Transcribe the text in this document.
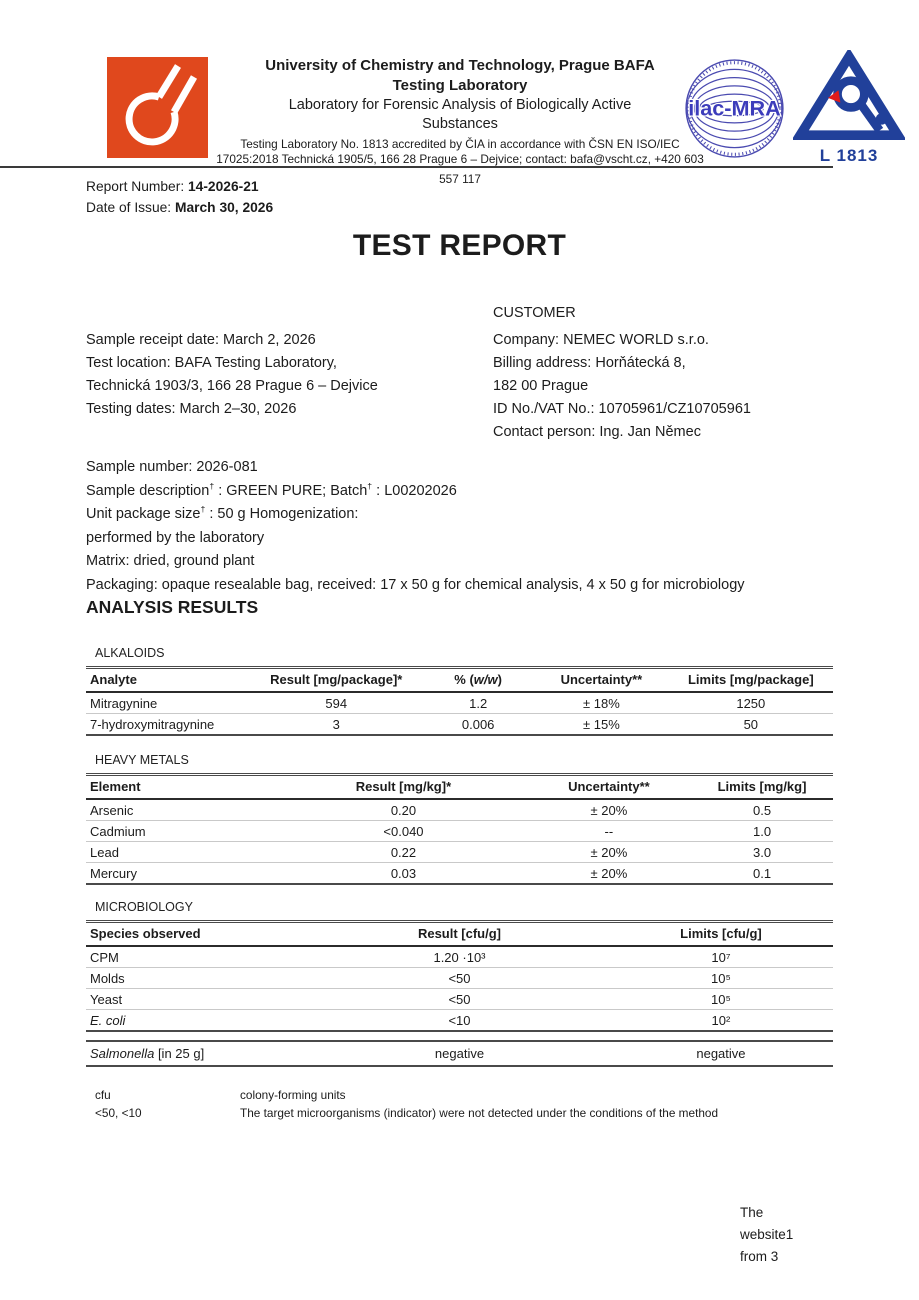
University of Chemistry and Technology, Prague BAFA
Testing Laboratory
Laboratory for Forensic Analysis of Biologically Active
Substances
Testing Laboratory No. 1813 accredited by ČIA in accordance with ČSN EN ISO/IEC
17025:2018 Technická 1905/5, 166 28 Prague 6 – Dejvice; contact: bafa@vscht.cz, +420 603
557 117
ilac-MRA
L 1813
Report Number: 14-2026-21
Date of Issue: March 30, 2026
TEST REPORT
CUSTOMER
Sample receipt date: March 2, 2026
Test location: BAFA Testing Laboratory,
Technická 1903/3, 166 28 Prague 6 – Dejvice
Testing dates: March 2–30, 2026
Company: NEMEC WORLD s.r.o.
Billing address: Horňátecká 8,
182 00 Prague
ID No./VAT No.: 10705961/CZ10705961
Contact person: Ing. Jan Němec
Sample number: 2026-081
Sample description† : GREEN PURE; Batch† : L00202026
Unit package size† : 50 g Homogenization:
performed by the laboratory
Matrix: dried, ground plant
Packaging: opaque resealable bag, received: 17 x 50 g for chemical analysis, 4 x 50 g for microbiology
ANALYSIS RESULTS
ALKALOIDS
Analyte	Result [mg/package]*	% (w/w)	Uncertainty**	Limits [mg/package]
Mitragynine	594	1.2	± 18%	1250
7-hydroxymitragynine	3	0.006	± 15%	50
HEAVY METALS
Element	Result [mg/kg]*	Uncertainty**	Limits [mg/kg]
Arsenic	0.20	± 20%	0.5
Cadmium	<0.040	--	1.0
Lead	0.22	± 20%	3.0
Mercury	0.03	± 20%	0.1
MICROBIOLOGY
Species observed	Result [cfu/g]	Limits [cfu/g]
CPM	1.20 ·10³	10⁷
Molds	<50	10⁵
Yeast	<50	10⁵
E. coli	<10	10²
Salmonella [in 25 g]	negative	negative
cfu	colony-forming units
<50, <10	The target microorganisms (indicator) were not detected under the conditions of the method
The
website1
from 3
